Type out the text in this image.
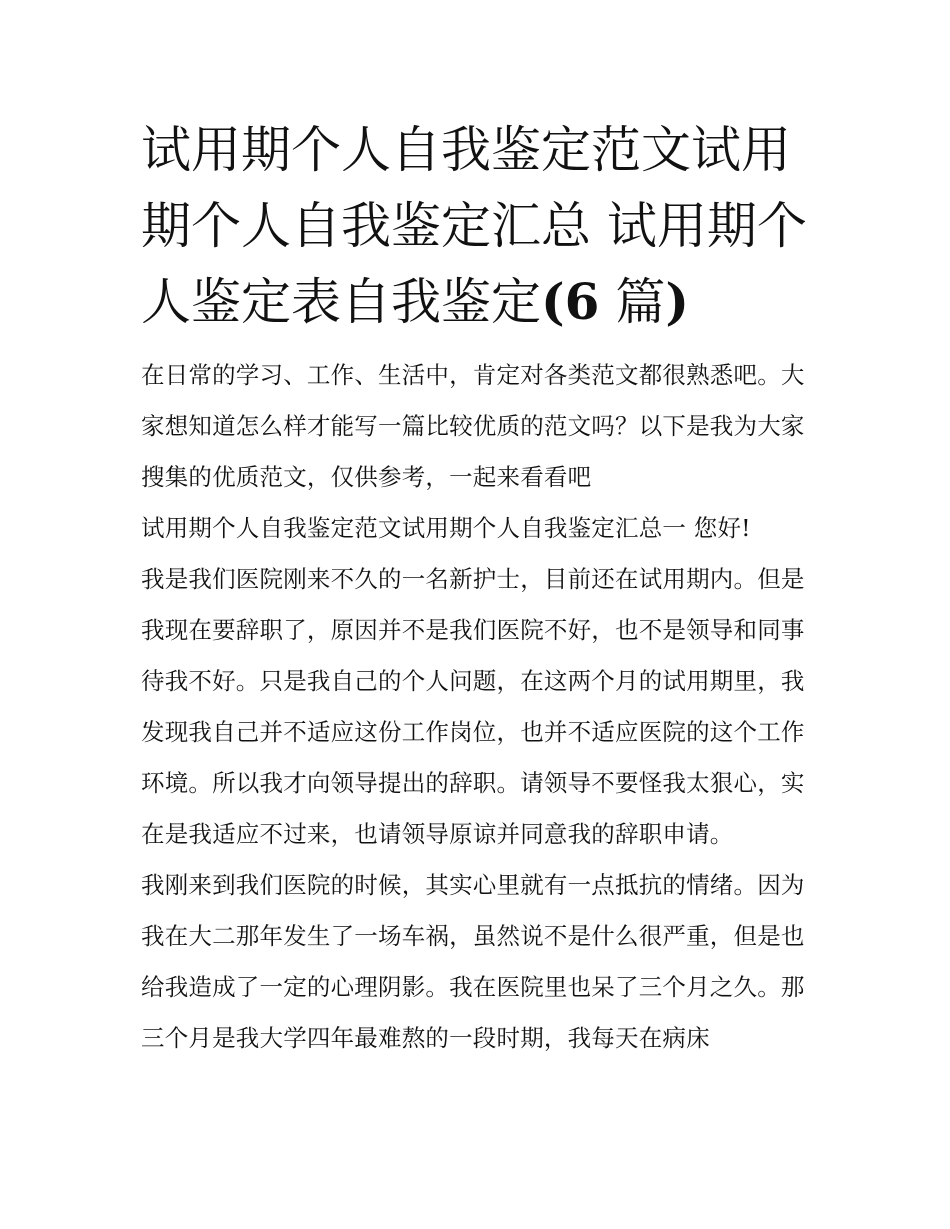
试用期个人自我鉴定范文试用
期个人自我鉴定汇总 试用期个
人鉴定表自我鉴定(6 篇)

在日常的学习、工作、生活中，肯定对各类范文都很熟悉吧。大家想知道怎么样才能写一篇比较优质的范文吗？以下是我为大家搜集的优质范文，仅供参考，一起来看看吧

试用期个人自我鉴定范文试用期个人自我鉴定汇总一 您好!

我是我们医院刚来不久的一名新护士，目前还在试用期内。但是我现在要辞职了，原因并不是我们医院不好，也不是领导和同事待我不好。只是我自己的个人问题，在这两个月的试用期里，我发现我自己并不适应这份工作岗位，也并不适应医院的这个工作环境。所以我才向领导提出的辞职。请领导不要怪我太狠心，实在是我适应不过来，也请领导原谅并同意我的辞职申请。

我刚来到我们医院的时候，其实心里就有一点抵抗的情绪。因为我在大二那年发生了一场车祸，虽然说不是什么很严重，但是也给我造成了一定的心理阴影。我在医院里也呆了三个月之久。那三个月是我大学四年最难熬的一段时期，我每天在病床
